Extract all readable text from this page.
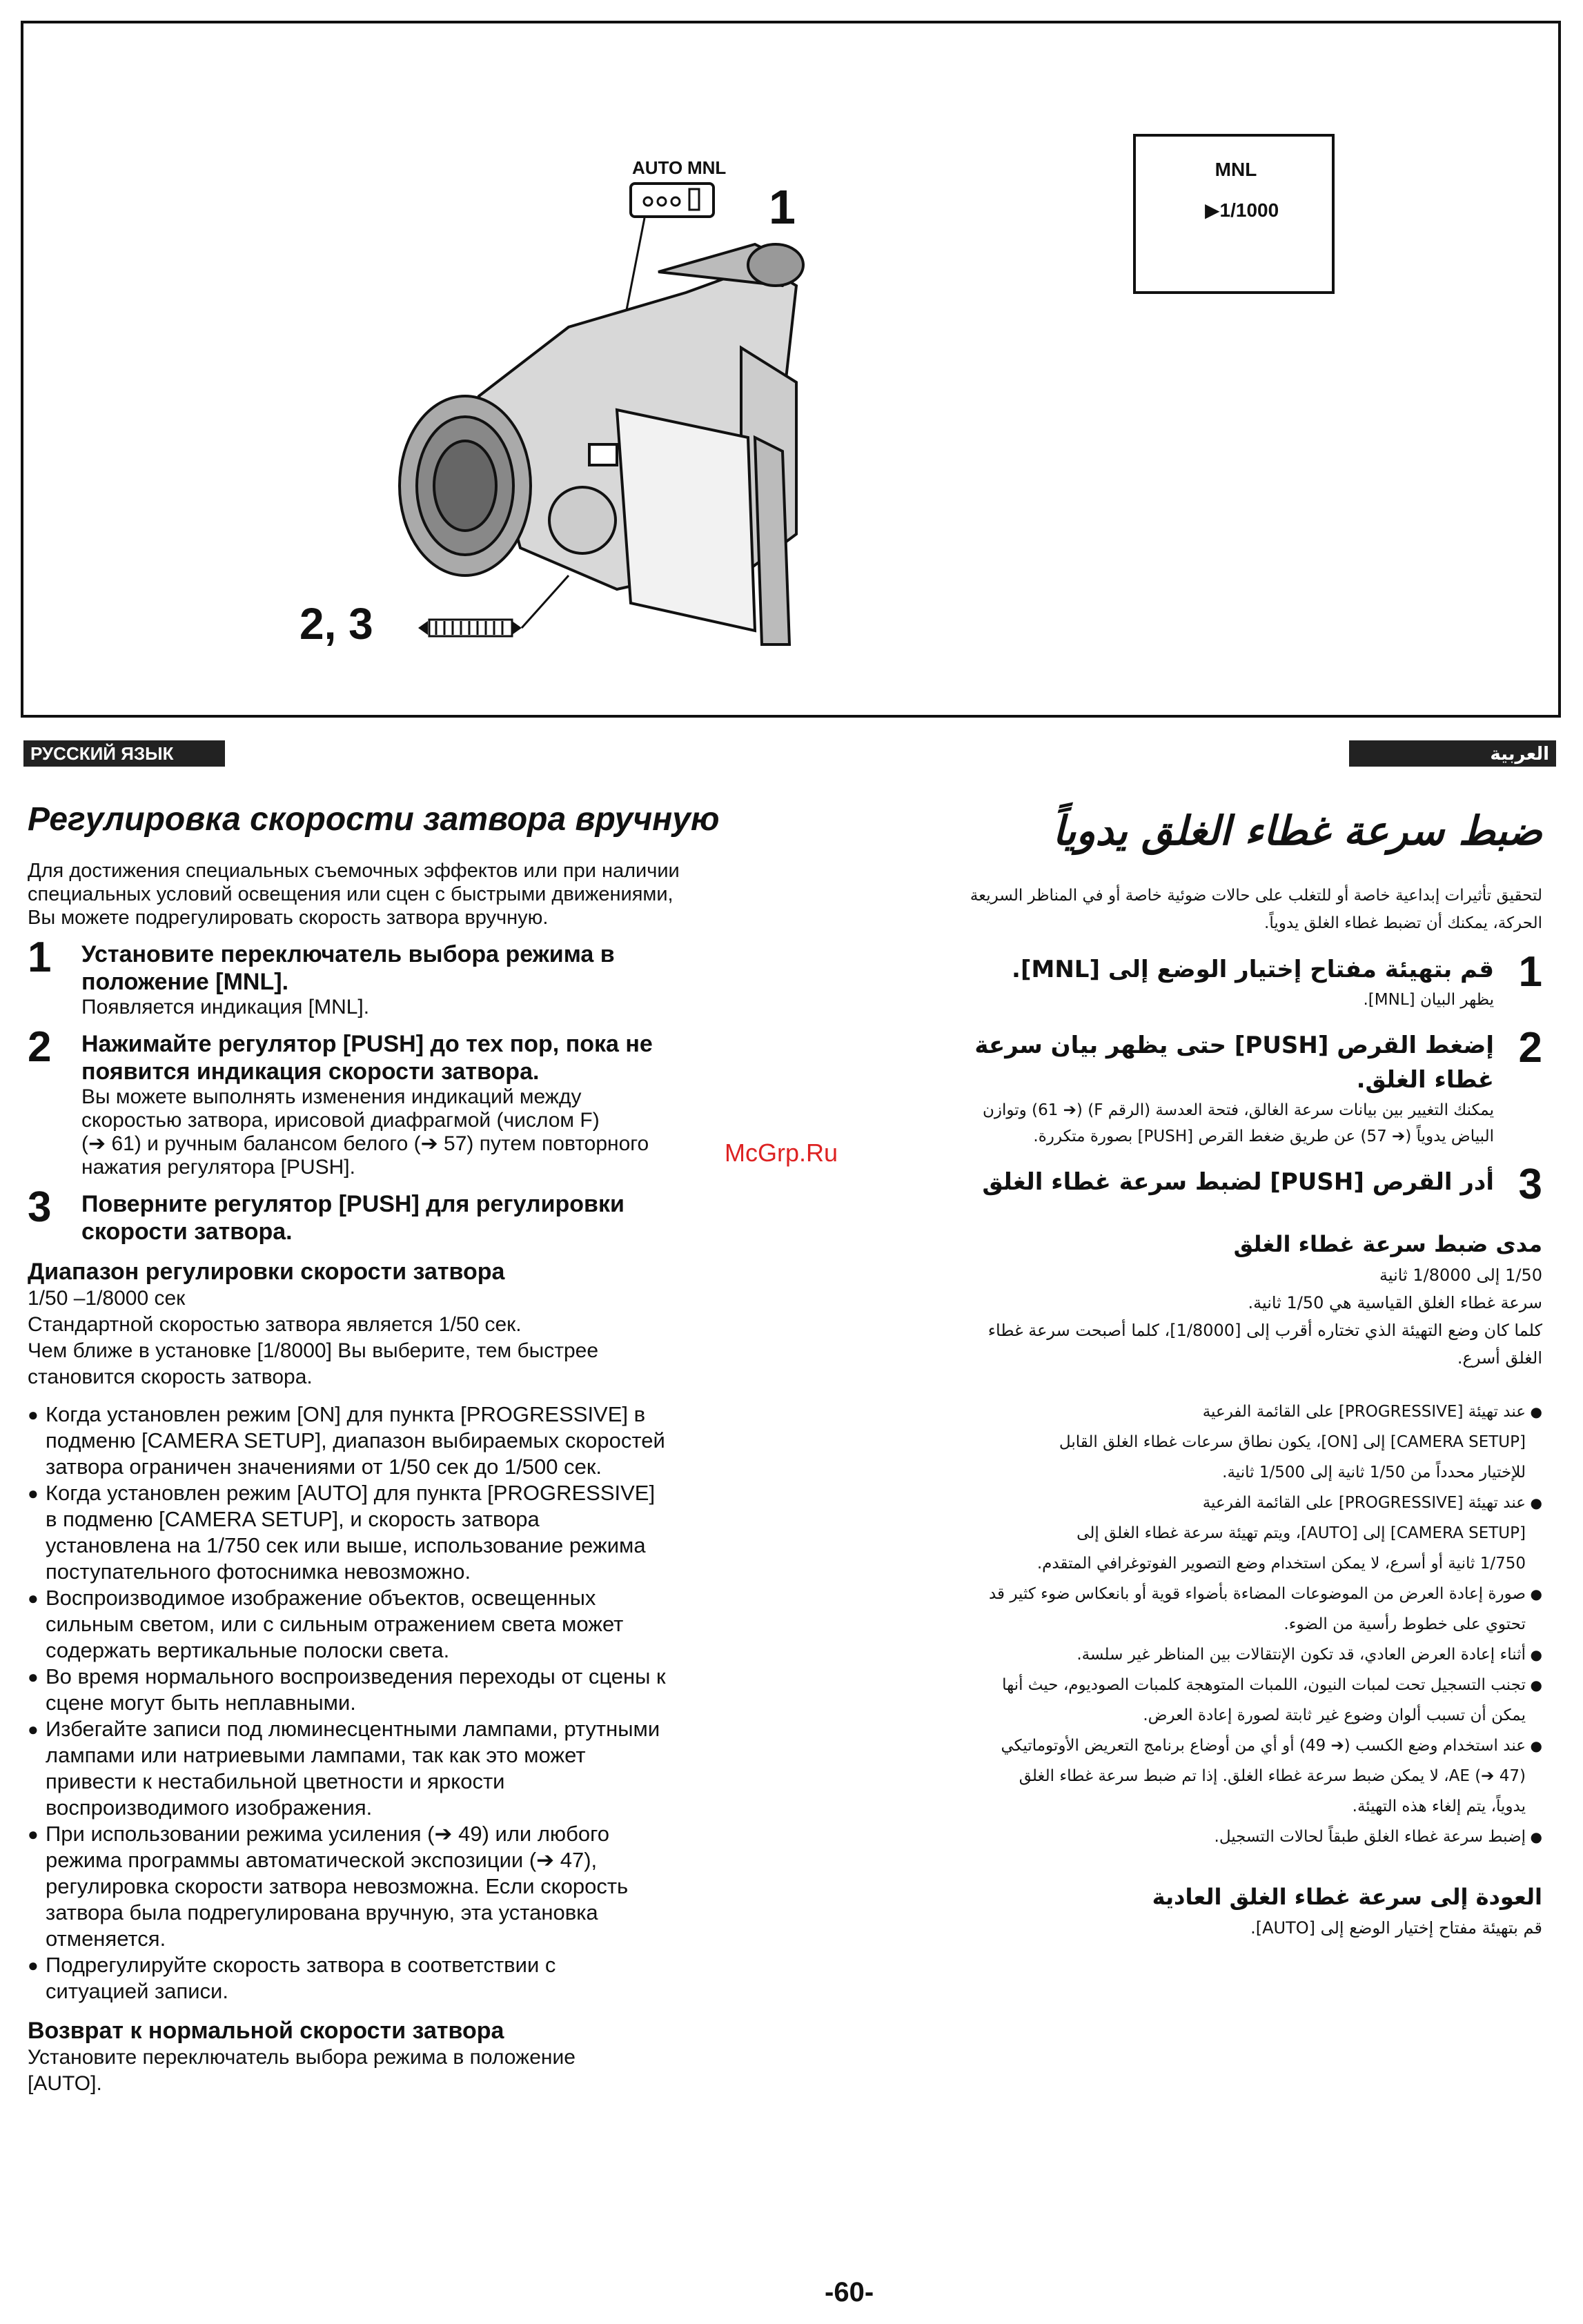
AUTO MNL
1
2, 3
MNL
▶1/1000
РУССКИЙ ЯЗЫК	العربية
Регулировка скорости затвора вручную

Для достижения специальных съемочных эффектов или при наличии

специальных условий освещения или сцен с быстрыми движениями,

Вы можете подрегулировать скорость затвора вручную.

1 Установите переключатель выбора режима в
положение [MNL].
Появляется индикация [MNL].
2 Нажимайте регулятор [PUSH] до тех пор, пока не
появится индикация скорости затвора.
Вы можете выполнять изменения индикаций между
скоростью затвора, ирисовой диафрагмой (числом F)
(➔ 61) и ручным балансом белого (➔ 57) путем повторного
нажатия регулятора [PUSH].
3 Поверните регулятор [PUSH] для регулировки
скорости затвора.
Диапазон регулировки скорости затвора
1/50 –1/8000 сек
Стандартной скоростью затвора является 1/50 сек.
Чем ближе в установке [1/8000] Вы выберите, тем быстрее
становится скорость затвора.
● Когда установлен режим [ON] для пункта [PROGRESSIVE] в
подменю [CAMERA SETUP], диапазон выбираемых скоростей
затвора ограничен значениями от 1/50 сек до 1/500 сек.
● Когда установлен режим [AUTO] для пункта [PROGRESSIVE]
в подменю [CAMERA SETUP], и скорость затвора
установлена на 1/750 сек или выше, использование режима
поступательного фотоснимка невозможно.
● Воспроизводимое изображение объектов, освещенных
сильным светом, или с сильным отражением света может
содержать вертикальные полоски света.
● Во время нормального воспроизведения переходы от сцены к
сцене могут быть неплавными.
● Избегайте записи под люминесцентными лампами, ртутными
лампами или натриевыми лампами, так как это может
привести к нестабильной цветности и яркости
воспроизводимого изображения.
● При использовании режима усиления (➔ 49) или любого
режима программы автоматической экспозиции (➔ 47),
регулировка скорости затвора невозможна. Если скорость
затвора была подрегулирована вручную, эта установка
отменяется.
● Подрегулируйте скорость затвора в соответствии с
ситуацией записи.
Возврат к нормальной скорости затвора
Установите переключатель выбора режима в положение
[AUTO].
ضبط سرعة غطاء الغلق يدوياً

لتحقيق تأثيرات إبداعية خاصة أو للتغلب على حالات ضوئية خاصة أو في المناظر السريعة

الحركة، يمكنك أن تضبط غطاء الغلق يدوياً.

1
قم بتهيئة مفتاح إختيار الوضع إلى [MNL].
يظهر البيان [MNL].
2
إضغط القرص [PUSH] حتى يظهر بيان سرعة
غطاء الغلق.
يمكنك التغيير بين بيانات سرعة الغالق، فتحة العدسة (الرقم F) (➔ 61) وتوازن
البياض يدوياً (➔ 57) عن طريق ضغط القرص [PUSH] بصورة متكررة.
3
أدر القرص [PUSH] لضبط سرعة غطاء الغلق
مدى ضبط سرعة غطاء الغلق
1/50 إلى 1/8000 ثانية
سرعة غطاء الغلق القياسية هي 1/50 ثانية.
كلما كان وضع التهيئة الذي تختاره أقرب إلى [1/8000]، كلما أصبحت سرعة غطاء
الغلق أسرع.
● عند تهيئة [PROGRESSIVE] على القائمة الفرعية
[CAMERA SETUP] إلى [ON]، يكون نطاق سرعات غطاء الغلق القابل
للإختيار محدداً من 1/50 ثانية إلى 1/500 ثانية.
● عند تهيئة [PROGRESSIVE] على القائمة الفرعية
[CAMERA SETUP] إلى [AUTO]، ويتم تهيئة سرعة غطاء الغلق إلى
1/750 ثانية أو أسرع، لا يمكن استخدام وضع التصوير الفوتوغرافي المتقدم.
● صورة إعادة العرض من الموضوعات المضاءة بأضواء قوية أو بانعكاس ضوء كثير قد
تحتوي على خطوط رأسية من الضوء.
● أثناء إعادة العرض العادي، قد تكون الإنتقالات بين المناظر غير سلسة.
● تجنب التسجيل تحت لمبات النيون، اللمبات المتوهجة كلمبات الصوديوم، حيث أنها
يمكن أن تسبب ألوان وضوع غير ثابتة لصورة إعادة العرض.
● عند استخدام وضع الكسب (➔ 49) أو أي من أوضاع برنامج التعريض الأوتوماتيكي
AE (➔ 47)، لا يمكن ضبط سرعة غطاء الغلق. إذا تم ضبط سرعة غطاء الغلق
يدوياً، يتم إلغاء هذه التهيئة.
● إضبط سرعة غطاء الغلق طبقاً لحالات التسجيل.
العودة إلى سرعة غطاء الغلق العادية
قم بتهيئة مفتاح إختيار الوضع إلى [AUTO].
McGrp.Ru
-60-
